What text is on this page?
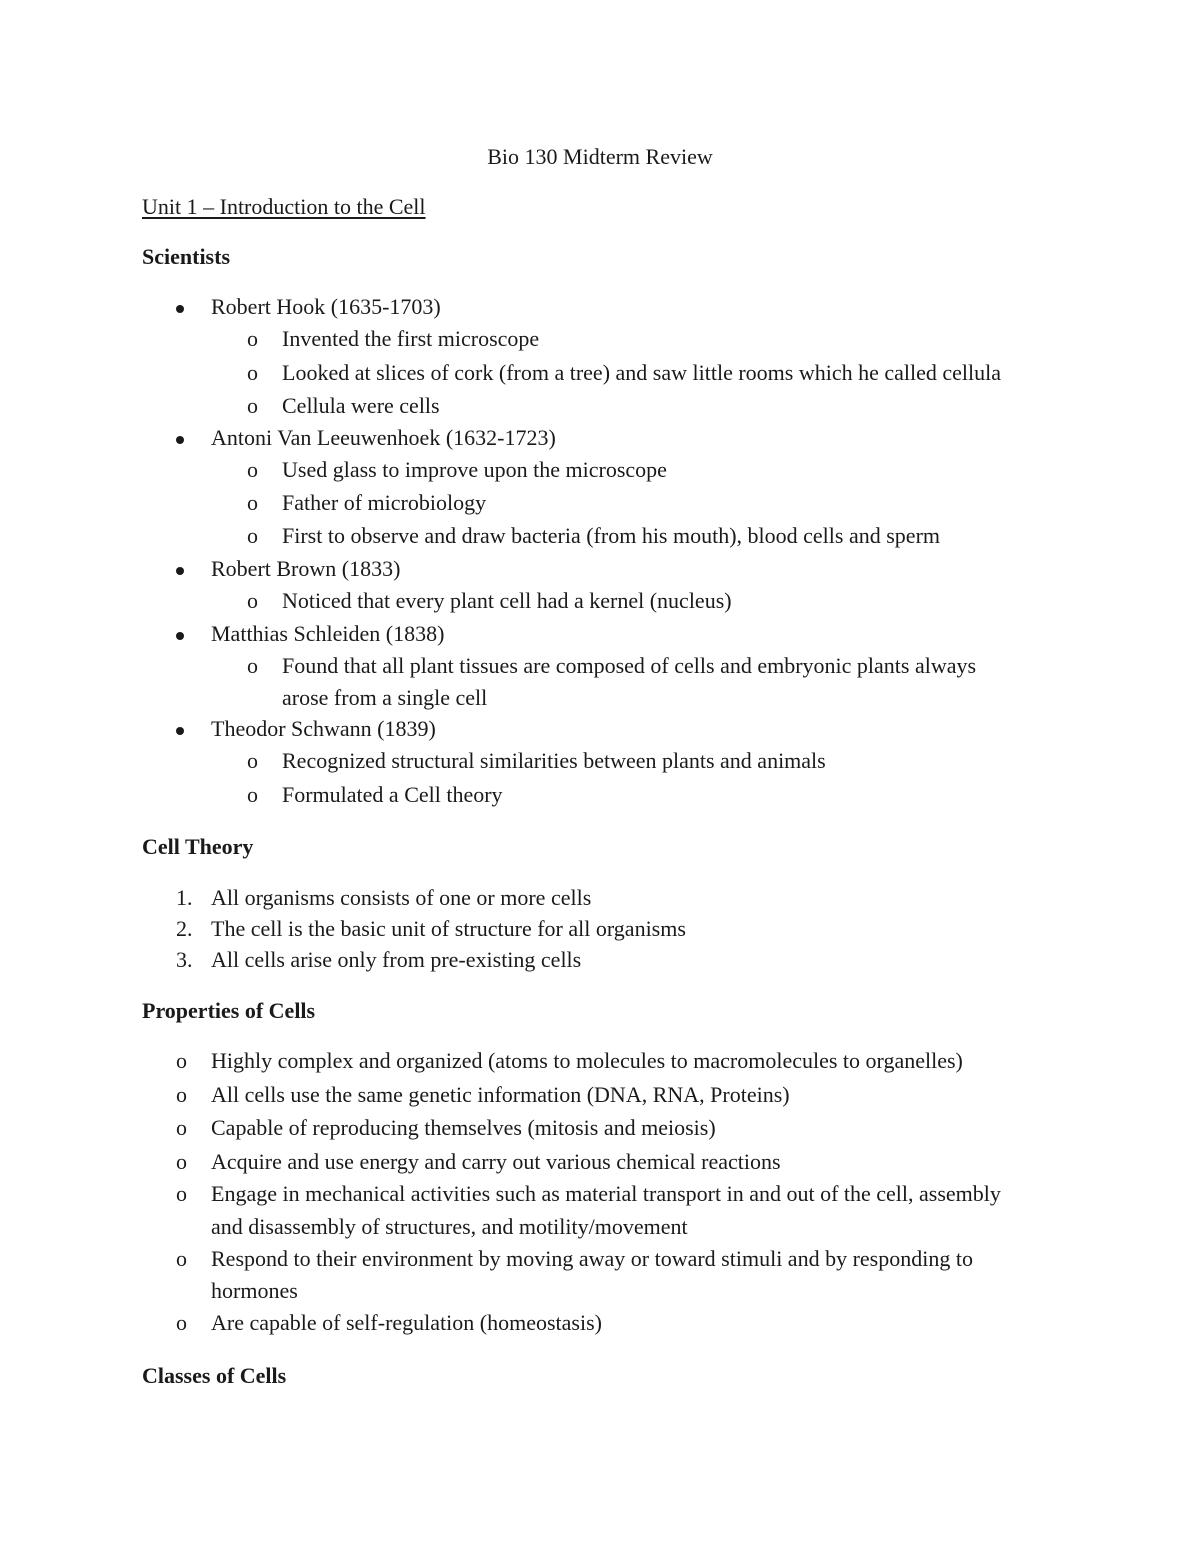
Bio 130 Midterm Review
Unit 1 – Introduction to the Cell
Scientists
Robert Hook (1635-1703)
o Invented the first microscope
o Looked at slices of cork (from a tree) and saw little rooms which he called cellula
o Cellula were cells
Antoni Van Leeuwenhoek (1632-1723)
o Used glass to improve upon the microscope
o Father of microbiology
o First to observe and draw bacteria (from his mouth), blood cells and sperm
Robert Brown (1833)
o Noticed that every plant cell had a kernel (nucleus)
Matthias Schleiden (1838)
o Found that all plant tissues are composed of cells and embryonic plants always
arose from a single cell
Theodor Schwann (1839)
o Recognized structural similarities between plants and animals
o Formulated a Cell theory
Cell Theory
1. All organisms consists of one or more cells
2. The cell is the basic unit of structure for all organisms
3. All cells arise only from pre-existing cells
Properties of Cells
o Highly complex and organized (atoms to molecules to macromolecules to organelles)
o All cells use the same genetic information (DNA, RNA, Proteins)
o Capable of reproducing themselves (mitosis and meiosis)
o Acquire and use energy and carry out various chemical reactions
o Engage in mechanical activities such as material transport in and out of the cell, assembly
and disassembly of structures, and motility/movement
o Respond to their environment by moving away or toward stimuli and by responding to
hormones
o Are capable of self-regulation (homeostasis)
Classes of Cells
